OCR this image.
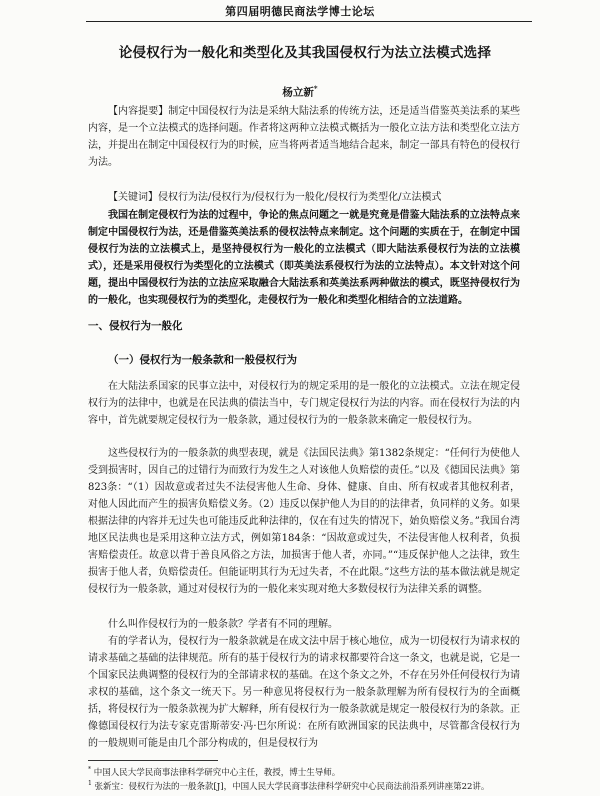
第四届明德民商法学博士论坛
论侵权行为一般化和类型化及其我国侵权行为法立法模式选择
杨立新*
【内容提要】制定中国侵权行为法是采纳大陆法系的传统方法，还是适当借鉴英美法系的某些内容，是一个立法模式的选择问题。作者将这两种立法模式概括为一般化立法方法和类型化立法方法，并提出在制定中国侵权行为的时候，应当将两者适当地结合起来，制定一部具有特色的侵权行为法。
【关键词】侵权行为法/侵权行为/侵权行为一般化/侵权行为类型化/立法模式
我国在制定侵权行为法的过程中，争论的焦点问题之一就是究竟是借鉴大陆法系的立法特点来制定中国侵权行为法，还是借鉴英美法系的侵权法特点来制定。这个问题的实质在于，在制定中国侵权行为法的立法模式上，是坚持侵权行为一般化的立法模式（即大陆法系侵权行为法的立法模式），还是采用侵权行为类型化的立法模式（即英美法系侵权行为法的立法特点）。本文针对这个问题，提出中国侵权行为法的立法应采取融合大陆法系和英美法系两种做法的模式，既坚持侵权行为的一般化，也实现侵权行为的类型化，走侵权行为一般化和类型化相结合的立法道路。
一、侵权行为一般化
（一）侵权行为一般条款和一般侵权行为
在大陆法系国家的民事立法中，对侵权行为的规定采用的是一般化的立法模式。立法在规定侵权行为的法律中，也就是在民法典的债法当中，专门规定侵权行为法的内容。而在侵权行为法的内容中，首先就要规定侵权行为一般条款，通过侵权行为的一般条款来确定一般侵权行为。
这些侵权行为的一般条款的典型表现，就是《法国民法典》第1382条规定：“任何行为使他人受到损害时，因自己的过错行为而致行为发生之人对该他人负赔偿的责任。”以及《德国民法典》第823条：“（1）因故意或者过失不法侵害他人生命、身体、健康、自由、所有权或者其他权利者，对他人因此而产生的损害负赔偿义务。（2）违反以保护他人为目的的法律者，负同样的义务。如果根据法律的内容并无过失也可能违反此种法律的，仅在有过失的情况下，始负赔偿义务。”我国台湾地区民法典也是采用这种立法方式，例如第184条：“因故意或过失，不法侵害他人权利者，负损害赔偿责任。故意以背于善良风俗之方法，加损害于他人者，亦同。”“违反保护他人之法律，致生损害于他人者，负赔偿责任。但能证明其行为无过失者，不在此限。”这些方法的基本做法就是规定侵权行为一般条款，通过对侵权行为的一般化来实现对绝大多数侵权行为法律关系的调整。
什么叫作侵权行为的一般条款？学者有不同的理解。
有的学者认为，侵权行为一般条款就是在成文法中居于核心地位，成为一切侵权行为请求权的请求基础之基础的法律规范。所有的基于侵权行为的请求权都要符合这一条文，也就是说，它是一个国家民法典调整的侵权行为的全部请求权的基础。在这个条文之外，不存在另外任何侵权行为请求权的基础，这个条文一统天下。另一种意见将侵权行为一般条款理解为所有侵权行为的全面概括，将侵权行为一般条款视为扩大解释，所有侵权行为一般条款就是规定一般侵权行为的条款。正像德国侵权行为法专家克雷斯蒂安·冯·巴尔所说：在所有欧洲国家的民法典中，尽管都含侵权行为的一般规则可能是由几个部分构成的，但是侵权行为
* 中国人民大学民商事法律科学研究中心主任，教授，博士生导师。
$^1$ 张新宝：侵权行为法的一般条款[J]，中国人民大学民商事法律科学研究中心民商法前沿系列讲座第22讲。
